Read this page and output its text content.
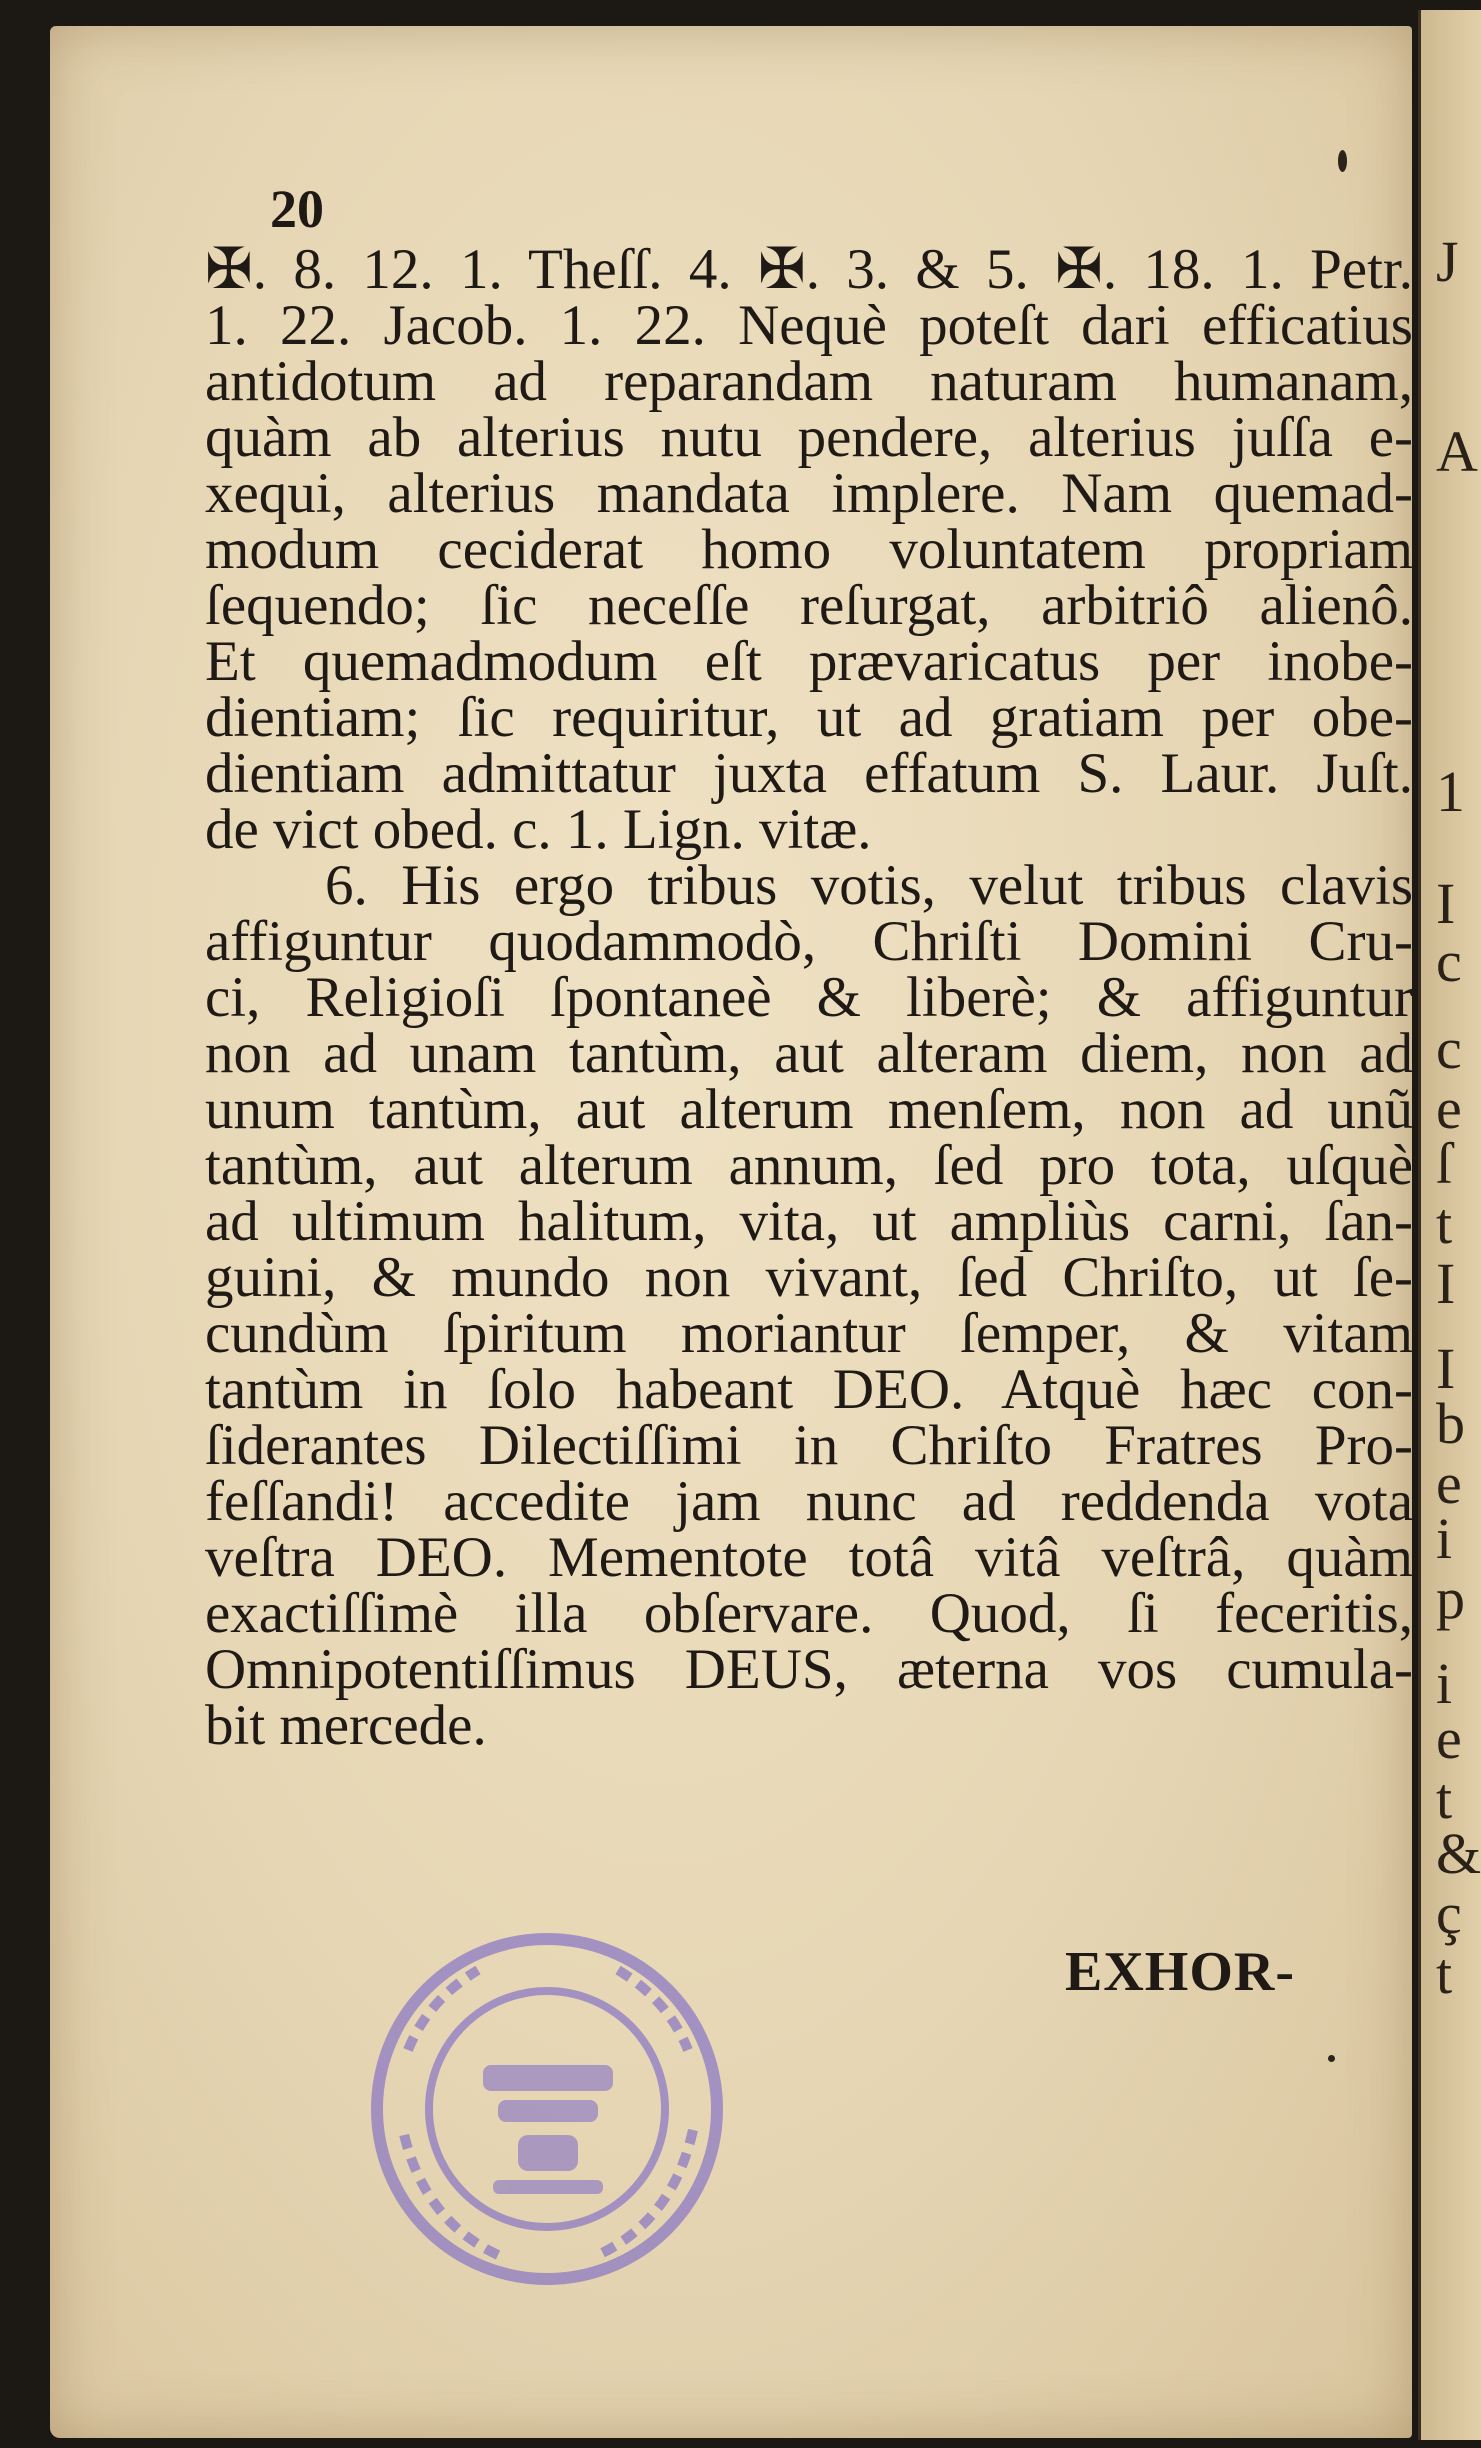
J
A
1
I
c
c
e
ſ
t
I
I
b
e
i
p
i
e
t
&
ç
t
20
✠. 8. 12. 1. Theſſ. 4. ✠. 3. & 5. ✠. 18. 1. Petr.
1. 22. Jacob. 1. 22. Nequè poteſt dari efficatius
antidotum ad reparandam naturam humanam,
quàm ab alterius nutu pendere, alterius juſſa e-
xequi, alterius mandata implere. Nam quemad-
modum ceciderat homo voluntatem propriam
ſequendo; ſic neceſſe reſurgat, arbitriô alienô.
Et quemadmodum eſt prævaricatus per inobe-
dientiam; ſic requiritur, ut ad gratiam per obe-
dientiam admittatur juxta effatum S. Laur. Juſt.
de vict obed. c. 1. Lign. vitæ.
6. His ergo tribus votis, velut tribus clavis
affiguntur quodammodò, Chriſti Domini Cru-
ci, Religioſi ſpontaneè & liberè; & affiguntur
non ad unam tantùm, aut alteram diem, non ad
unum tantùm, aut alterum menſem, non ad unũ
tantùm, aut alterum annum, ſed pro tota, uſquè
ad ultimum halitum, vita, ut ampliùs carni, ſan-
guini, & mundo non vivant, ſed Chriſto, ut ſe-
cundùm ſpiritum moriantur ſemper, & vitam
tantùm in ſolo habeant DEO. Atquè hæc con-
ſiderantes Dilectiſſimi in Chriſto Fratres Pro-
feſſandi! accedite jam nunc ad reddenda vota
veſtra DEO. Mementote totâ vitâ veſtrâ, quàm
exactiſſimè illa obſervare. Quod, ſi feceritis,
Omnipotentiſſimus DEUS, æterna vos cumula-
bit mercede.
EXHOR-
